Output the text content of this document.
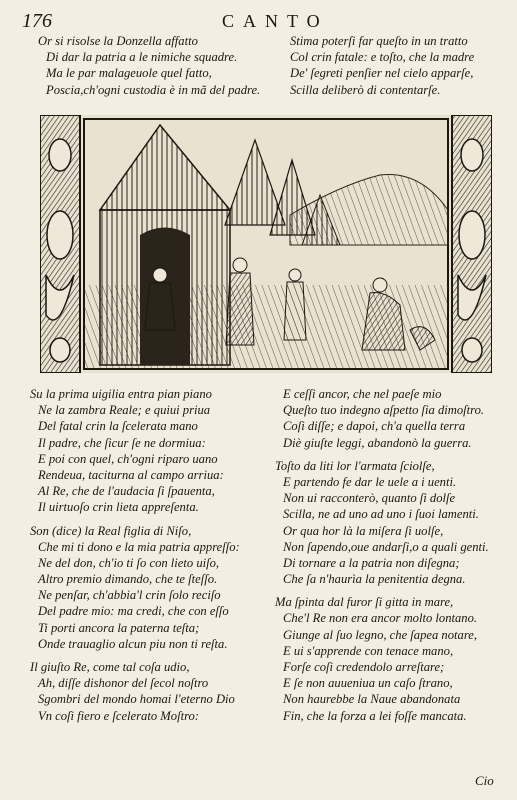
176	CANTO
Or si risolse la Donzella affatto
Di dar la patria a le nimiche squadre.
Ma le par malageuole quel fatto,
Poscia,ch'ogni custodia è in mã del padre.
Stima poterſi far queſto in un tratto
Col crin fatale: e toſto, che la madre
De' ſegreti penſier nel cielo apparſe,
Scilla deliberò di contentarſe.
Su la prima uigilia entra pian piano
Ne la zambra Reale; e quiui priua
Del fatal crin la ſcelerata mano
Il padre, che ſicur ſe ne dormiua:
E poi con quel, ch'ogni riparo uano
Rendeua, taciturna al campo arriua:
Al Re, che de l'audacia ſi ſpauenta,
Il uirtuoſo crin lieta appreſenta.
Son (dice) la Real figlia di Niſo,
Che mi ti dono e la mia patria appreſſo:
Ne del don, ch'io ti ſo con lieto uiſo,
Altro premio dimando, che te ſteſſo.
Ne penſar, ch'abbia'l crin ſolo reciſo
Del padre mio: ma credi, che con eſſo
Ti porti ancora la paterna teſta;
Onde trauaglio alcun piu non ti reſta.
Il giuſto Re, come tal coſa udio,
Ah, diſſe dishonor del ſecol noſtro
Sgombri del mondo homai l'eterno Dio
Vn coſi fiero e ſcelerato Moſtro:
E ceſſi ancor, che nel paeſe mio
Queſto tuo indegno aſpetto ſia dimoſtro.
Coſi diſſe; e dapoi, ch'a quella terra
Diè giuſte leggi, abandonò la guerra.
Toſto da liti lor l'armata ſciolſe,
E partendo fe dar le uele a i uenti.
Non ui racconterò, quanto ſi dolſe
Scilla, ne ad uno ad uno i ſuoi lamenti.
Or qua hor là la miſera ſi uolſe,
Non ſapendo,oue andarſi,o a quali genti.
Di tornare a la patria non diſegna;
Che ſa n'haurìa la penitentia degna.
Ma ſpinta dal furor ſi gitta in mare,
Che'l Re non era ancor molto lontano.
Giunge al ſuo legno, che ſapea notare,
E ui s'apprende con tenace mano,
Forſe coſi credendolo arreſtare;
E ſe non auueniua un caſo ſtrano,
Non haurebbe la Naue abandonata
Fin, che la forza a lei foſſe mancata.
Cio
